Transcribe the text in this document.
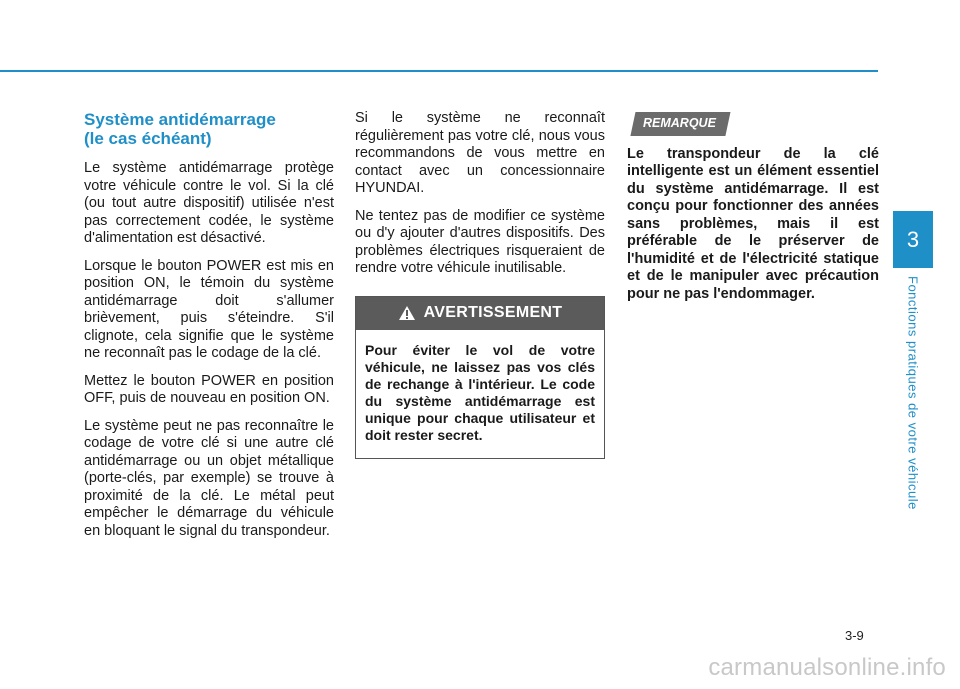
3
Fonctions pratiques de votre véhicule
Système antidémarrage
(le cas échéant)

Le système antidémarrage protège votre véhicule contre le vol. Si la clé (ou tout autre dispositif) utilisée n'est pas correctement codée, le système d'alimentation est désactivé.

Lorsque le bouton POWER est mis en position ON, le témoin du système antidémarrage doit s'allumer brièvement, puis s'éteindre. S'il clignote, cela signifie que le système ne reconnaît pas le codage de la clé.

Mettez le bouton POWER en position OFF, puis de nouveau en position ON.

Le système peut ne pas reconnaître le codage de votre clé si une autre clé antidémarrage ou un objet métallique (porte-clés, par exemple) se trouve à proximité de la clé. Le métal peut empêcher le démarrage du véhicule en bloquant le signal du transpondeur.

Si le système ne reconnaît régulièrement pas votre clé, nous vous recommandons de vous mettre en contact avec un concessionnaire HYUNDAI.

Ne tentez pas de modifier ce système ou d'y ajouter d'autres dispositifs. Des problèmes électriques risqueraient de rendre votre véhicule inutilisable.

AVERTISSEMENT
Pour éviter le vol de votre véhicule, ne laissez pas vos clés de rechange à l'intérieur. Le code du système antidémarrage est unique pour chaque utilisateur et doit rester secret.
REMARQUE

Le transpondeur de la clé intelligente est un élément essentiel du système antidémarrage. Il est conçu pour fonctionner des années sans problèmes, mais il est préférable de le préserver de l'humidité et de l'électricité statique et de le manipuler avec précaution pour ne pas l'endommager.

3-9
carmanualsonline.info
